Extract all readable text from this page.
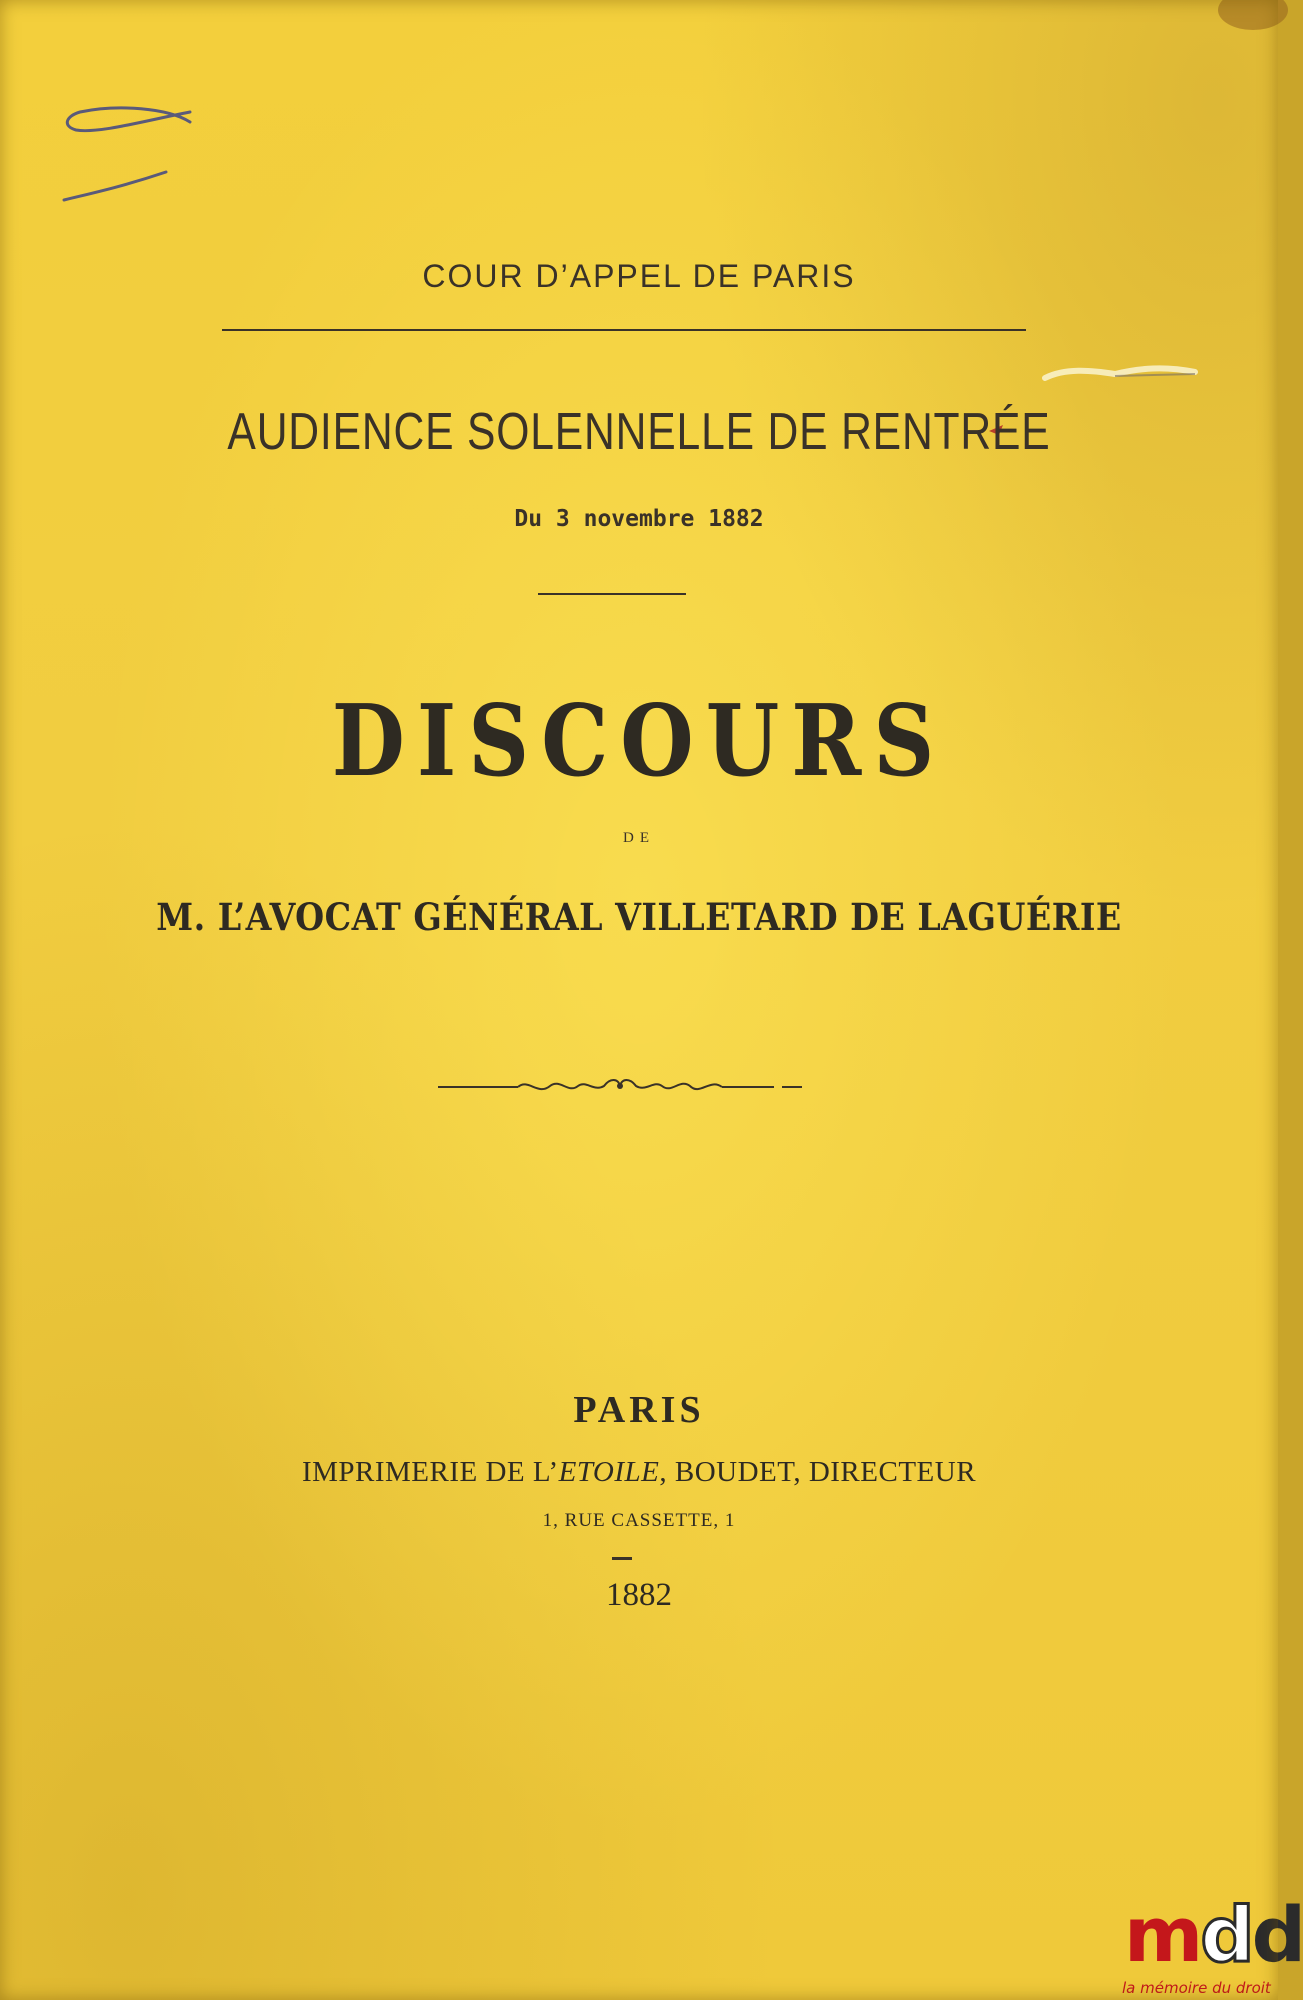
COUR D’APPEL DE PARIS
AUDIENCE SOLENNELLE DE RENTRÉE
Du 3 novembre 1882
DISCOURS
DE
M. L’AVOCAT GÉNÉRAL VILLETARD DE LAGUÉRIE
PARIS
IMPRIMERIE DE L’ETOILE, BOUDET, DIRECTEUR
1, RUE CASSETTE, 1
1882
mdd
la mémoire du droit
